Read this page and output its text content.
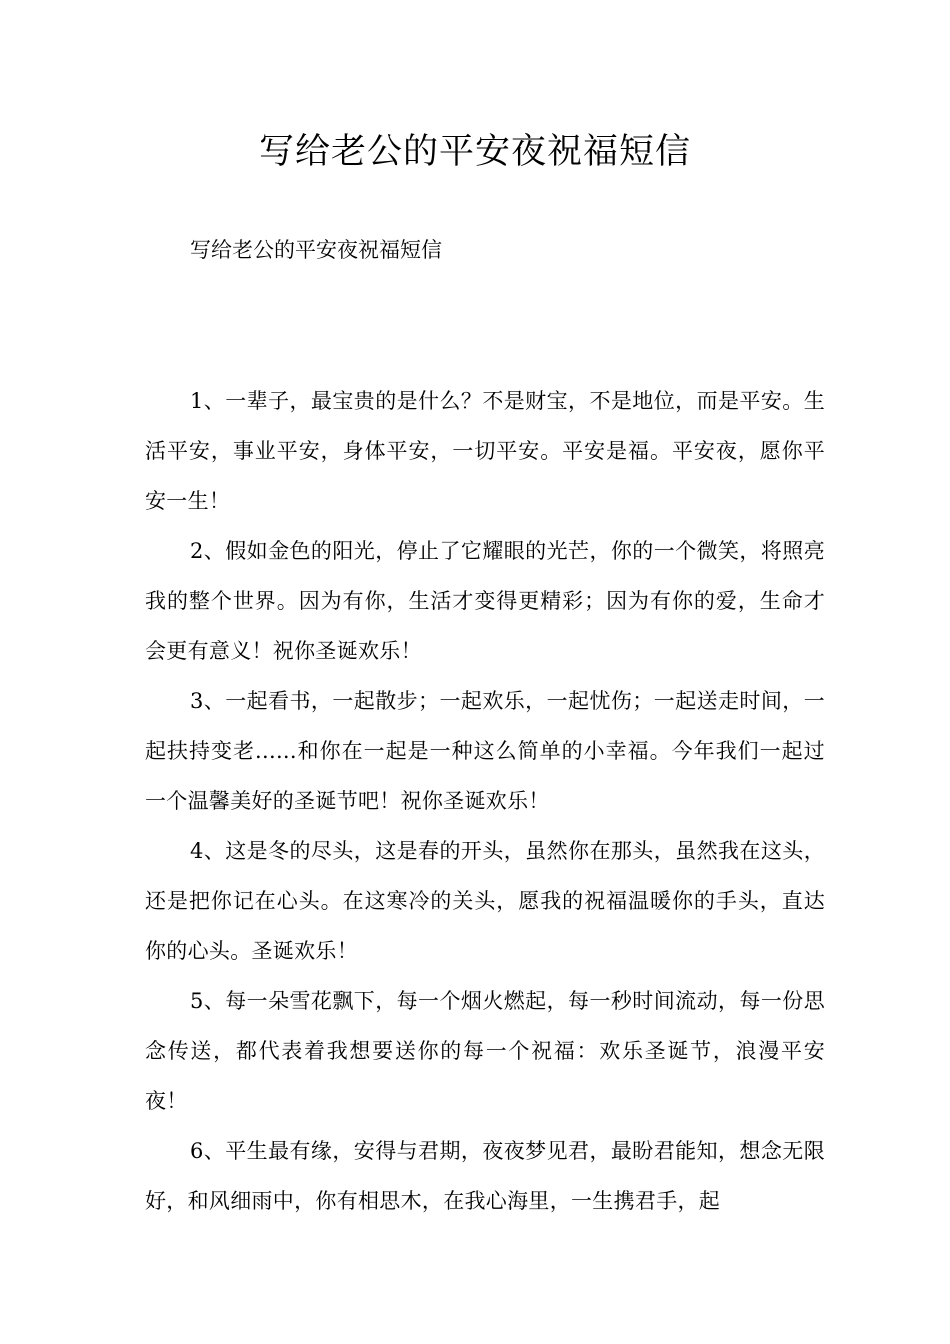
写给老公的平安夜祝福短信

写给老公的平安夜祝福短信

1、一辈子，最宝贵的是什么？不是财宝，不是地位，而是平安。生活平安，事业平安，身体平安，一切平安。平安是福。平安夜，愿你平安一生！

2、假如金色的阳光，停止了它耀眼的光芒，你的一个微笑，将照亮我的整个世界。因为有你，生活才变得更精彩；因为有你的爱，生命才会更有意义！祝你圣诞欢乐！

3、一起看书，一起散步；一起欢乐，一起忧伤；一起送走时间，一起扶持变老......和你在一起是一种这么简单的小幸福。今年我们一起过一个温馨美好的圣诞节吧！祝你圣诞欢乐！

4、这是冬的尽头，这是春的开头，虽然你在那头，虽然我在这头，还是把你记在心头。在这寒冷的关头，愿我的祝福温暖你的手头，直达你的心头。圣诞欢乐！

5、每一朵雪花飘下，每一个烟火燃起，每一秒时间流动，每一份思念传送，都代表着我想要送你的每一个祝福：欢乐圣诞节，浪漫平安夜！

6、平生最有缘，安得与君期，夜夜梦见君，最盼君能知，想念无限好，和风细雨中，你有相思木，在我心海里，一生携君手，起
